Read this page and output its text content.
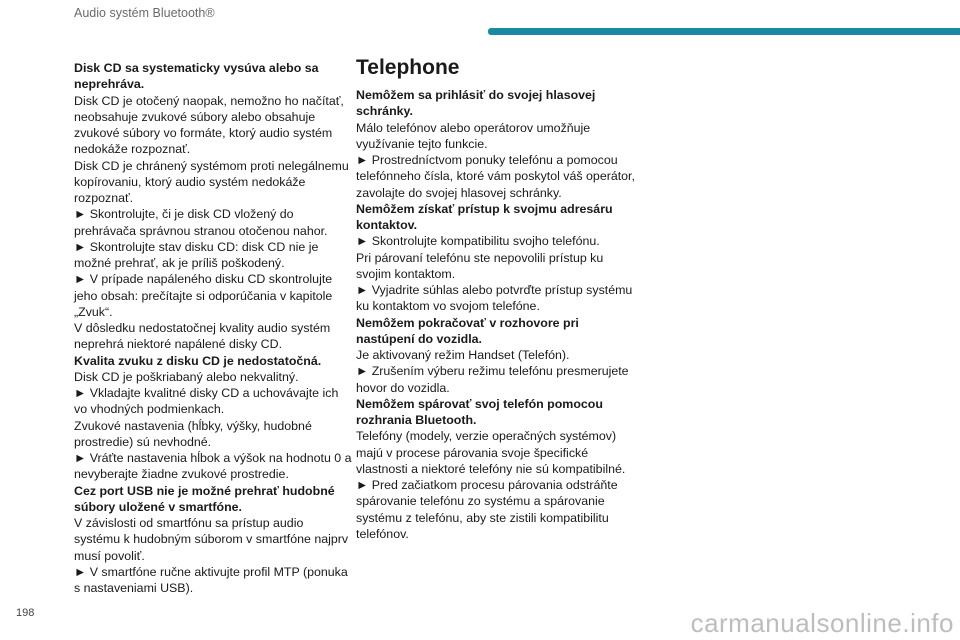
Audio systém Bluetooth®

Disk CD sa systematicky vysúva alebo sa neprehráva.

Disk CD je otočený naopak, nemožno ho načítať, neobsahuje zvukové súbory alebo obsahuje zvukové súbory vo formáte, ktorý audio systém nedokáže rozpoznať.

Disk CD je chránený systémom proti nelegálnemu kopírovaniu, ktorý audio systém nedokáže rozpoznať.

► Skontrolujte, či je disk CD vložený do prehrávača správnou stranou otočenou nahor.

► Skontrolujte stav disku CD: disk CD nie je možné prehrať, ak je príliš poškodený.

► V prípade napáleného disku CD skontrolujte jeho obsah: prečítajte si odporúčania v kapitole „Zvuk“.

V dôsledku nedostatočnej kvality audio systém neprehrá niektoré napálené disky CD.

Kvalita zvuku z disku CD je nedostatočná.

Disk CD je poškriabaný alebo nekvalitný.

► Vkladajte kvalitné disky CD a uchovávajte ich vo vhodných podmienkach.

Zvukové nastavenia (hĺbky, výšky, hudobné prostredie) sú nevhodné.

► Vráťte nastavenia hĺbok a výšok na hodnotu 0 a nevyberajte žiadne zvukové prostredie.

Cez port USB nie je možné prehrať hudobné súbory uložené v smartfóne.

V závislosti od smartfónu sa prístup audio systému k hudobným súborom v smartfóne najprv musí povoliť.

► V smartfóne ručne aktivujte profil MTP (ponuka s nastaveniami USB).

Telephone

Nemôžem sa prihlásiť do svojej hlasovej schránky.

Málo telefónov alebo operátorov umožňuje využívanie tejto funkcie.

► Prostredníctvom ponuky telefónu a pomocou telefónneho čísla, ktoré vám poskytol váš operátor, zavolajte do svojej hlasovej schránky.

Nemôžem získať prístup k svojmu adresáru kontaktov.

► Skontrolujte kompatibilitu svojho telefónu.

Pri párovaní telefónu ste nepovolili prístup ku svojim kontaktom.

► Vyjadrite súhlas alebo potvrďte prístup systému ku kontaktom vo svojom telefóne.

Nemôžem pokračovať v rozhovore pri nastúpení do vozidla.

Je aktivovaný režim Handset (Telefón).

► Zrušením výberu režimu telefónu presmerujete hovor do vozidla.

Nemôžem spárovať svoj telefón pomocou rozhrania Bluetooth.

Telefóny (modely, verzie operačných systémov) majú v procese párovania svoje špecifické vlastnosti a niektoré telefóny nie sú kompatibilné.

► Pred začiatkom procesu párovania odstráňte spárovanie telefónu zo systému a spárovanie systému z telefónu, aby ste zistili kompatibilitu telefónov.

198	carmanualsonline.info
